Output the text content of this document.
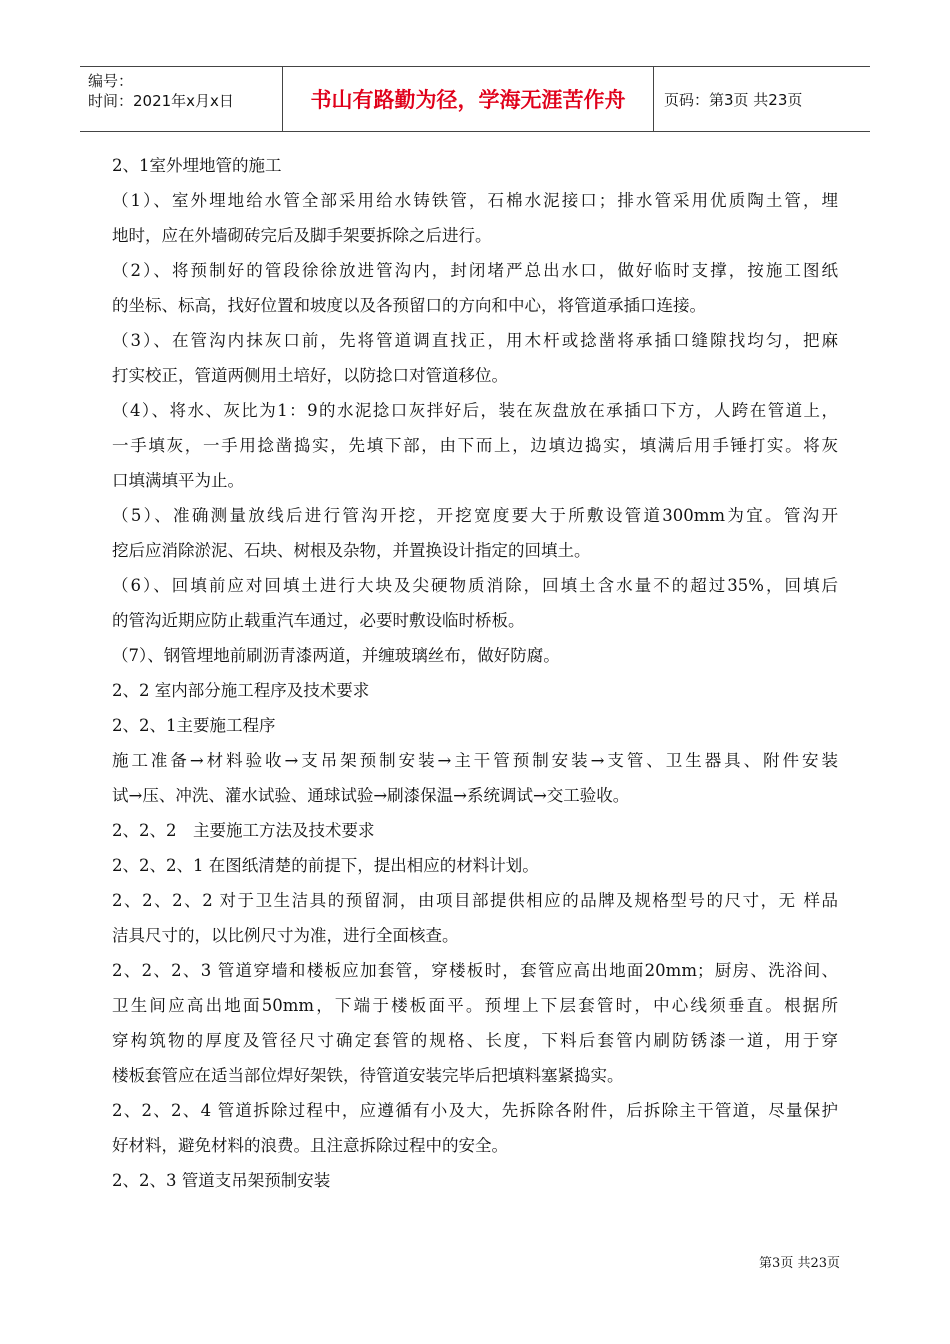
编号：
时间：2021年x月x日	书山有路勤为径，学海无涯苦作舟	页码：第3页 共23页
2、1室外埋地管的施工
（1）、室外埋地给水管全部采用给水铸铁管，石棉水泥接口；排水管采用优质陶土管，埋
地时，应在外墙砌砖完后及脚手架要拆除之后进行。
（2）、将预制好的管段徐徐放进管沟内，封闭堵严总出水口，做好临时支撑，按施工图纸
的坐标、标高，找好位置和坡度以及各预留口的方向和中心，将管道承插口连接。
（3）、在管沟内抹灰口前，先将管道调直找正，用木杆或捻凿将承插口缝隙找均匀，把麻
打实校正，管道两侧用土培好，以防捻口对管道移位。
（4）、将水、灰比为1：9的水泥捻口灰拌好后，装在灰盘放在承插口下方，人跨在管道上，
一手填灰，一手用捻凿捣实，先填下部，由下而上，边填边捣实，填满后用手锤打实。将灰
口填满填平为止。
（5）、准确测量放线后进行管沟开挖，开挖宽度要大于所敷设管道300mm为宜。管沟开
挖后应消除淤泥、石块、树根及杂物，并置换设计指定的回填土。
（6）、回填前应对回填土进行大块及尖硬物质消除，回填土含水量不的超过35%，回填后
的管沟近期应防止载重汽车通过，必要时敷设临时桥板。
（7）、钢管埋地前刷沥青漆两道，并缠玻璃丝布，做好防腐。
2、2 室内部分施工程序及技术要求
2、2、1主要施工程序
施工准备→材料验收→支吊架预制安装→主干管预制安装→支管、卫生器具、附件安装
试→压、冲洗、灌水试验、通球试验→刷漆保温→系统调试→交工验收。
2、2、2　主要施工方法及技术要求
2、2、2、1 在图纸清楚的前提下，提出相应的材料计划。
2、2、2、2 对于卫生洁具的预留洞，由项目部提供相应的品牌及规格型号的尺寸，无 样品
洁具尺寸的，以比例尺寸为准，进行全面核查。
2、2、2、3 管道穿墙和楼板应加套管，穿楼板时，套管应高出地面20mm；厨房、洗浴间、
卫生间应高出地面50mm，下端于楼板面平。预埋上下层套管时，中心线须垂直。根据所
穿构筑物的厚度及管径尺寸确定套管的规格、长度，下料后套管内刷防锈漆一道，用于穿
楼板套管应在适当部位焊好架铁，待管道安装完毕后把填料塞紧捣实。
2、2、2、4 管道拆除过程中，应遵循有小及大，先拆除各附件，后拆除主干管道，尽量保护
好材料，避免材料的浪费。且注意拆除过程中的安全。
2、2、3 管道支吊架预制安装
第3页 共23页
